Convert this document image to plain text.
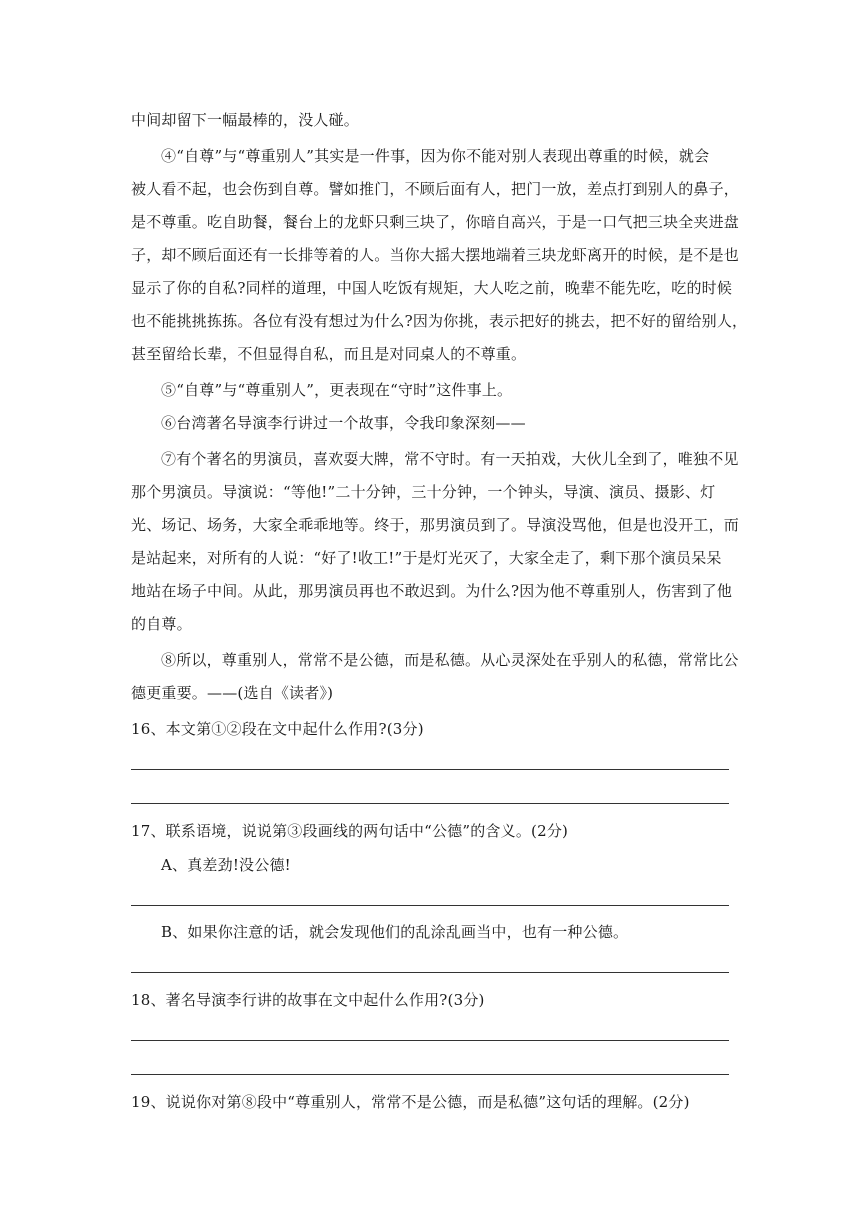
中间却留下一幅最棒的，没人碰。
④“自尊”与“尊重别人”其实是一件事，因为你不能对别人表现出尊重的时候，就会
被人看不起，也会伤到自尊。譬如推门，不顾后面有人，把门一放，差点打到别人的鼻子，
是不尊重。吃自助餐，餐台上的龙虾只剩三块了，你暗自高兴，于是一口气把三块全夹进盘
子，却不顾后面还有一长排等着的人。当你大摇大摆地端着三块龙虾离开的时候，是不是也
显示了你的自私?同样的道理，中国人吃饭有规矩，大人吃之前，晚辈不能先吃，吃的时候
也不能挑挑拣拣。各位有没有想过为什么?因为你挑，表示把好的挑去，把不好的留给别人，
甚至留给长辈，不但显得自私，而且是对同桌人的不尊重。
⑤“自尊”与“尊重别人”，更表现在“守时”这件事上。
⑥台湾著名导演李行讲过一个故事，令我印象深刻——
⑦有个著名的男演员，喜欢耍大牌，常不守时。有一天拍戏，大伙儿全到了，唯独不见
那个男演员。导演说：“等他!”二十分钟，三十分钟，一个钟头，导演、演员、摄影、灯
光、场记、场务，大家全乖乖地等。终于，那男演员到了。导演没骂他，但是也没开工，而
是站起来，对所有的人说：“好了!收工!”于是灯光灭了，大家全走了，剩下那个演员呆呆
地站在场子中间。从此，那男演员再也不敢迟到。为什么?因为他不尊重别人，伤害到了他
的自尊。
⑧所以，尊重别人，常常不是公德，而是私德。从心灵深处在乎别人的私德，常常比公
德更重要。——(选自《读者》)
16、本文第①②段在文中起什么作用?(3分)
17、联系语境，说说第③段画线的两句话中“公德”的含义。(2分)
A、真差劲!没公德!
B、如果你注意的话，就会发现他们的乱涂乱画当中，也有一种公德。
18、著名导演李行讲的故事在文中起什么作用?(3分)
19、说说你对第⑧段中“尊重别人，常常不是公德，而是私德”这句话的理解。(2分)
